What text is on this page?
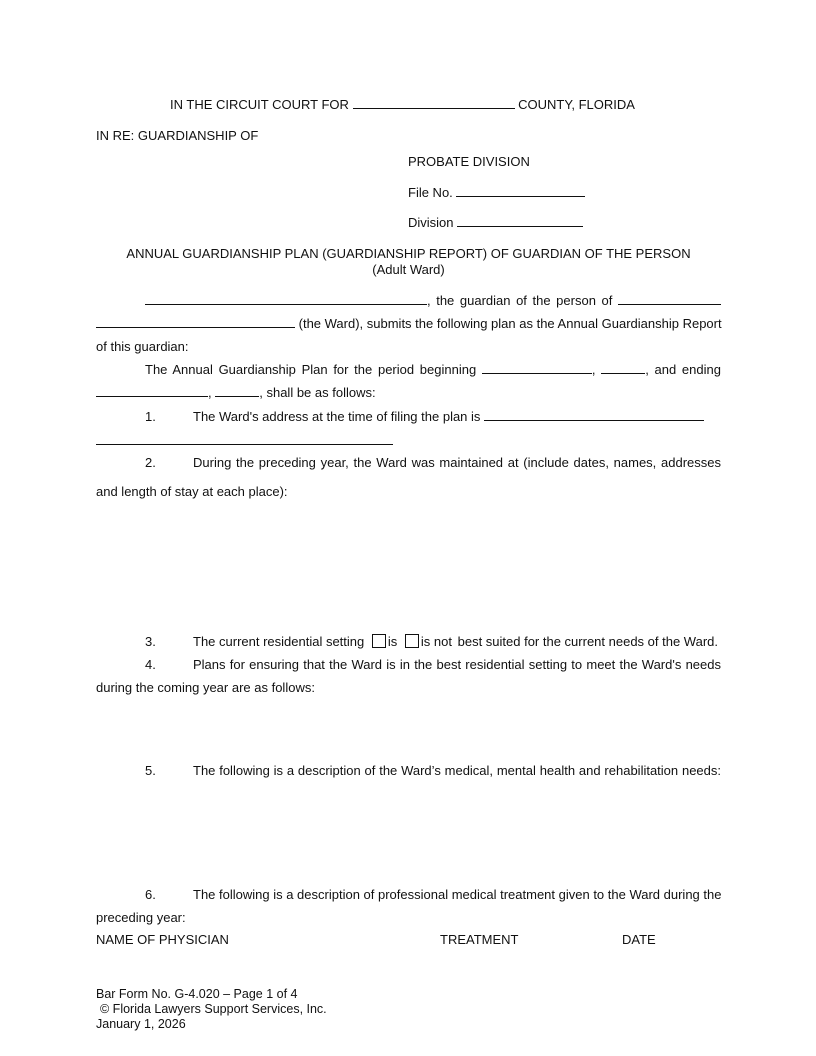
IN THE CIRCUIT COURT FOR	COUNTY, FLORIDA
IN RE: GUARDIANSHIP OF
PROBATE DIVISION
File No.
Division
ANNUAL GUARDIANSHIP PLAN (GUARDIANSHIP REPORT) OF GUARDIAN OF THE PERSON
(Adult Ward)
, the guardian of the person of
(the Ward), submits the following plan as the Annual Guardianship Report
of this guardian:
The Annual Guardianship Plan for the period beginning	,	, and ending
,	, shall be as follows:
1.	The Ward's address at the time of filing the plan is
2.	During the preceding year, the Ward was maintained at (include dates, names, addresses
and length of stay at each place):
3.	The current residential setting is is not best suited for the current needs of the Ward.
4.	Plans for ensuring that the Ward is in the best residential setting to meet the Ward's needs
during the coming year are as follows:
5.	The following is a description of the Ward’s medical, mental health and rehabilitation needs:
6.	The following is a description of professional medical treatment given to the Ward during the
preceding year:
NAME OF PHYSICIAN	TREATMENT	DATE
Bar Form No. G-4.020 – Page 1 of 4
© Florida Lawyers Support Services, Inc.
January 1, 2026
